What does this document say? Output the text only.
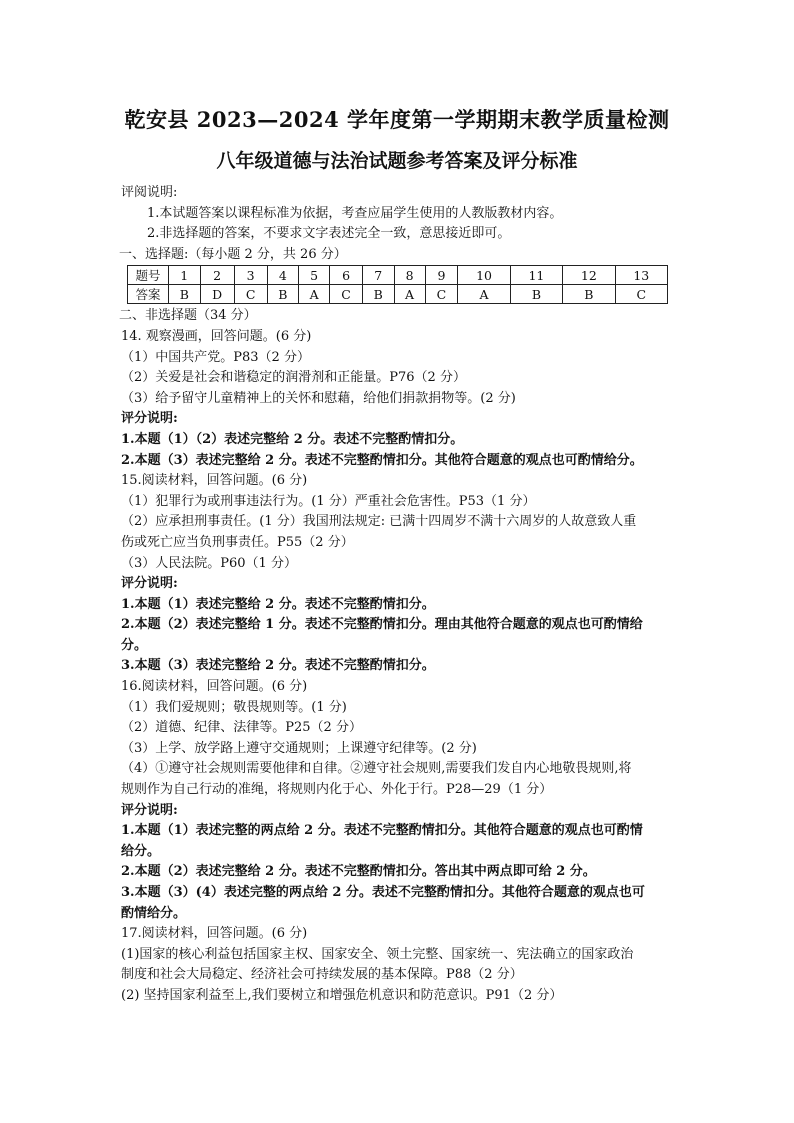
乾安县 2023—2024 学年度第一学期期末教学质量检测
八年级道德与法治试题参考答案及评分标准
评阅说明:
1.本试题答案以课程标准为依据，考查应届学生使用的人教版教材内容。
2.非选择题的答案，不要求文字表述完全一致，意思接近即可。
一、选择题:（每小题 2 分，共 26 分）
题号	1	2	3	4	5	6	7	8	9	10	11	12	13
答案	B	D	C	B	A	C	B	A	C	A	B	B	C
二、非选择题（34 分）
14. 观察漫画，回答问题。(6 分)
（1）中国共产党。P83（2 分）
（2）关爱是社会和谐稳定的润滑剂和正能量。P76（2 分）
（3）给予留守儿童精神上的关怀和慰藉，给他们捐款捐物等。(2 分)
评分说明:
1.本题（1）（2）表述完整给 2 分。表述不完整酌情扣分。
2.本题（3）表述完整给 2 分。表述不完整酌情扣分。其他符合题意的观点也可酌情给分。
15.阅读材料，回答问题。(6 分)
（1）犯罪行为或刑事违法行为。(1 分）严重社会危害性。P53（1 分）
（2）应承担刑事责任。(1 分）我国刑法规定: 已满十四周岁不满十六周岁的人故意致人重
伤或死亡应当负刑事责任。P55（2 分）
（3）人民法院。P60（1 分）
评分说明:
1.本题（1）表述完整给 2 分。表述不完整酌情扣分。
2.本题（2）表述完整给 1 分。表述不完整酌情扣分。理由其他符合题意的观点也可酌情给
分。
3.本题（3）表述完整给 2 分。表述不完整酌情扣分。
16.阅读材料，回答问题。(6 分)
（1）我们爱规则；敬畏规则等。(1 分)
（2）道德、纪律、法律等。P25（2 分）
（3）上学、放学路上遵守交通规则；上课遵守纪律等。(2 分)
（4）①遵守社会规则需要他律和自律。②遵守社会规则,需要我们发自内心地敬畏规则,将
规则作为自己行动的准绳，将规则内化于心、外化于行。P28—29（1 分）
评分说明:
1.本题（1）表述完整的两点给 2 分。表述不完整酌情扣分。其他符合题意的观点也可酌情
给分。
2.本题（2）表述完整给 2 分。表述不完整酌情扣分。答出其中两点即可给 2 分。
3.本题（3）(4）表述完整的两点给 2 分。表述不完整酌情扣分。其他符合题意的观点也可
酌情给分。
17.阅读材料，回答问题。(6 分)
(1)国家的核心利益包括国家主权、国家安全、领土完整、国家统一、宪法确立的国家政治
制度和社会大局稳定、经济社会可持续发展的基本保障。P88（2 分）
(2) 坚持国家利益至上,我们要树立和增强危机意识和防范意识。P91（2 分）
